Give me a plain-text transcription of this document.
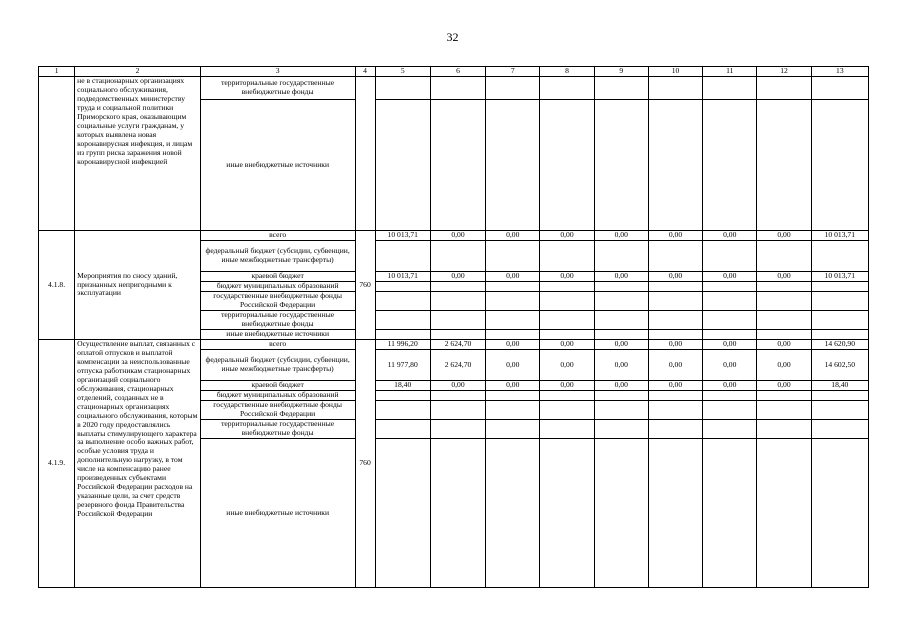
32
1	2	3	4	5	6	7	8	9	10	11	12	13
	не в стационарных организациях социального обслуживания, подведомственных министерству труда и социальной политики Приморского края, оказывающим социальные услуги гражданам, у которых выявлена новая коронавирусная инфекция, и лицам из групп риска заражения новой коронавирусной инфекцией	территориальные государственные внебюджетные фонды										
		иные внебюджетные источники										
4.1.8.	Мероприятия по сносу зданий, признанных непригодными к эксплуатации	всего	760	10 013,71	0,00	0,00	0,00	0,00	0,00	0,00	0,00	10 013,71
		федеральный бюджет (субсидии, субвенции, иные межбюджетные трансферты)										
		краевой бюджет		10 013,71	0,00	0,00	0,00	0,00	0,00	0,00	0,00	10 013,71
		бюджет муниципальных образований										
		государственные внебюджетные фонды Российской Федерации										
		территориальные государственные внебюджетные фонды										
		иные внебюджетные источники										
4.1.9.	Осуществление выплат, связанных с оплатой отпусков и выплатой компенсации за неиспользованные отпуска работникам стационарных организаций социального обслуживания, стационарных отделений, созданных не в стационарных организациях социального обслуживания, которым в 2020 году предоставлялись выплаты стимулирующего характера за выполнение особо важных работ, особые условия труда и дополнительную нагрузку, в том числе на компенсацию ранее произведенных субъектами Российской Федерации расходов на указанные цели, за счет средств резервного фонда Правительства Российской Федерации	всего	760	11 996,20	2 624,70	0,00	0,00	0,00	0,00	0,00	0,00	14 620,90
		федеральный бюджет (субсидии, субвенции, иные межбюджетные трансферты)		11 977,80	2 624,70	0,00	0,00	0,00	0,00	0,00	0,00	14 602,50
		краевой бюджет		18,40	0,00	0,00	0,00	0,00	0,00	0,00	0,00	18,40
		бюджет муниципальных образований										
		государственные внебюджетные фонды Российской Федерации										
		территориальные государственные внебюджетные фонды										
		иные внебюджетные источники										
